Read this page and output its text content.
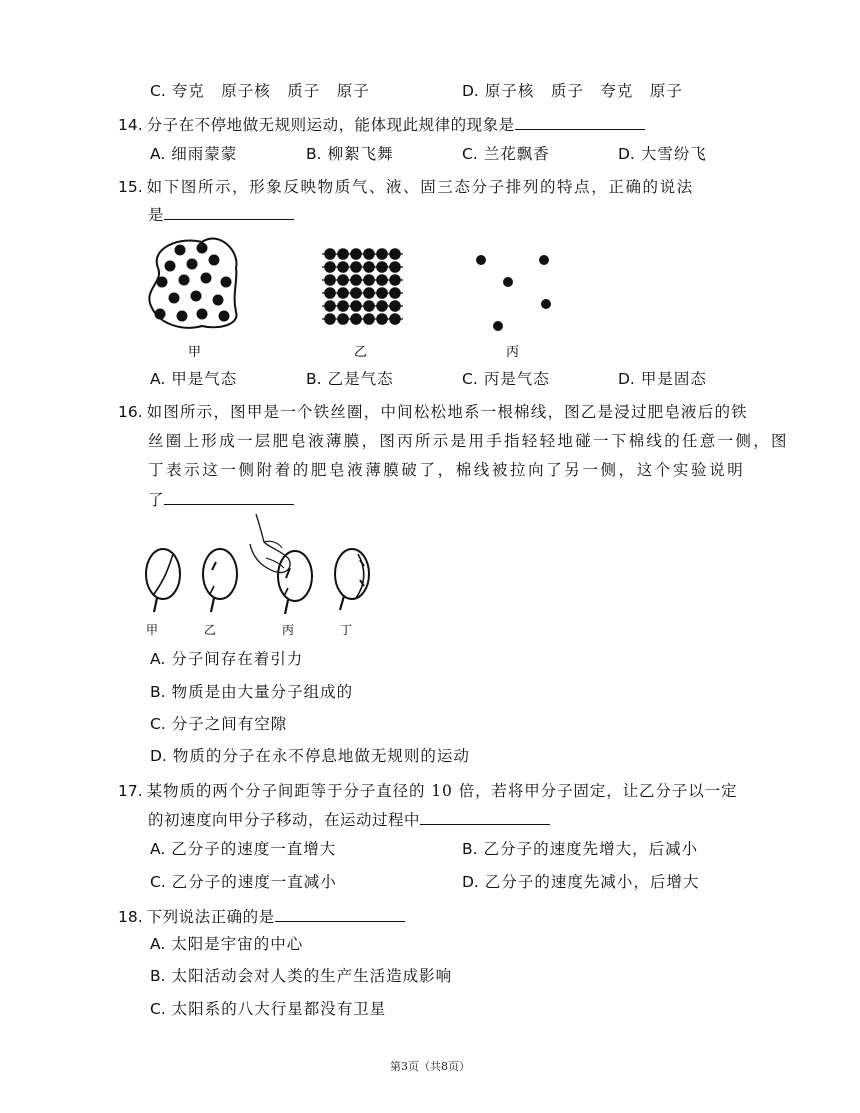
C. 夸克　原子核　质子　原子	D. 原子核　质子　夸克　原子
14. 分子在不停地做无规则运动，能体现此规律的现象是
A. 细雨蒙蒙	B. 柳絮飞舞	C. 兰花飘香	D. 大雪纷飞
15. 如下图所示，形象反映物质气、液、固三态分子排列的特点，正确的说法
是
甲	乙	丙
A. 甲是气态	B. 乙是气态	C. 丙是气态	D. 甲是固态
16. 如图所示，图甲是一个铁丝圈，中间松松地系一根棉线，图乙是浸过肥皂液后的铁
丝圈上形成一层肥皂液薄膜，图丙所示是用手指轻轻地碰一下棉线的任意一侧，图
丁表示这一侧附着的肥皂液薄膜破了，棉线被拉向了另一侧，这个实验说明
了
甲	乙	丙	丁
A. 分子间存在着引力
B. 物质是由大量分子组成的
C. 分子之间有空隙
D. 物质的分子在永不停息地做无规则的运动
17. 某物质的两个分子间距等于分子直径的 10 倍，若将甲分子固定，让乙分子以一定
的初速度向甲分子移动，在运动过程中
A. 乙分子的速度一直增大	B. 乙分子的速度先增大，后减小
C. 乙分子的速度一直减小	D. 乙分子的速度先减小，后增大
18. 下列说法正确的是
A. 太阳是宇宙的中心
B. 太阳活动会对人类的生产生活造成影响
C. 太阳系的八大行星都没有卫星
第3页（共8页）
